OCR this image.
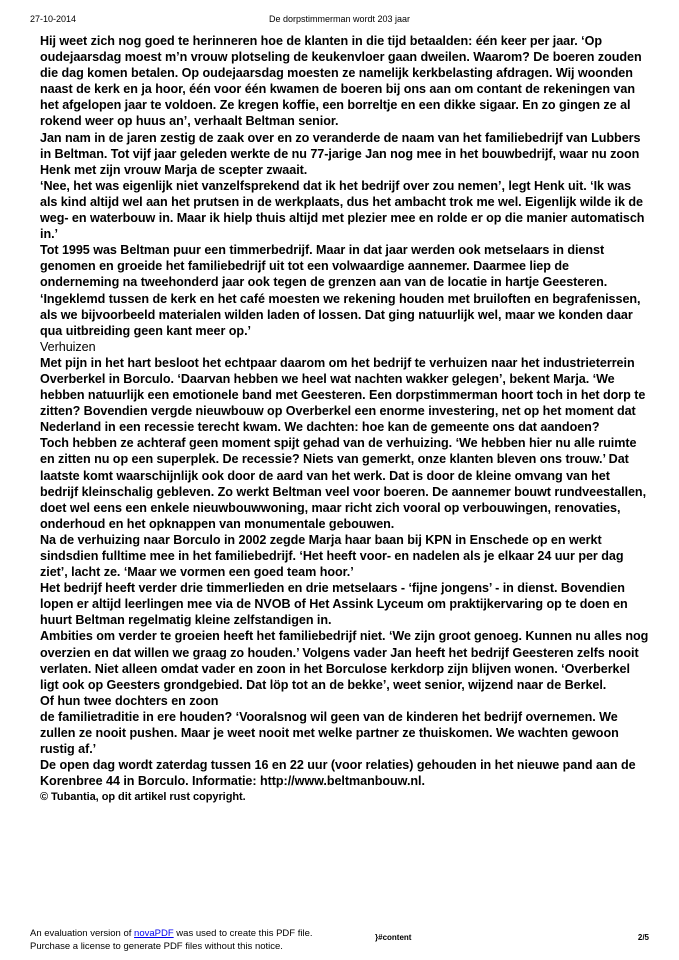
27-10-2014	De dorpstimmerman wordt 203 jaar

Hij weet zich nog goed te herinneren hoe de klanten in die tijd betaalden: één keer per jaar. ‘Op oudejaarsdag moest m’n vrouw plotseling de keukenvloer gaan dweilen. Waarom? De boeren zouden die dag komen betalen. Op oudejaarsdag moesten ze namelijk kerkbelasting afdragen. Wij woonden naast de kerk en ja hoor, één voor één kwamen de boeren bij ons aan om contant de rekeningen van het afgelopen jaar te voldoen. Ze kregen koffie, een borreltje en een dikke sigaar. En zo gingen ze al rokend weer op huus an’, verhaalt Beltman senior.

Jan nam in de jaren zestig de zaak over en zo veranderde de naam van het familiebedrijf van Lubbers in Beltman. Tot vijf jaar geleden werkte de nu 77-jarige Jan nog mee in het bouwbedrijf, waar nu zoon Henk met zijn vrouw Marja de scepter zwaait.

‘Nee, het was eigenlijk niet vanzelfsprekend dat ik het bedrijf over zou nemen’, legt Henk uit. ‘Ik was als kind altijd wel aan het prutsen in de werkplaats, dus het ambacht trok me wel. Eigenlijk wilde ik de weg- en waterbouw in. Maar ik hielp thuis altijd met plezier mee en rolde er op die manier automatisch in.’

Tot 1995 was Beltman puur een timmerbedrijf. Maar in dat jaar werden ook metselaars in dienst genomen en groeide het familiebedrijf uit tot een volwaardige aannemer. Daarmee liep de onderneming na tweehonderd jaar ook tegen de grenzen aan van de locatie in hartje Geesteren. ‘Ingeklemd tussen de kerk en het café moesten we rekening houden met bruiloften en begrafenissen, als we bijvoorbeeld materialen wilden laden of lossen. Dat ging natuurlijk wel, maar we konden daar qua uitbreiding geen kant meer op.’

Verhuizen

Met pijn in het hart besloot het echtpaar daarom om het bedrijf te verhuizen naar het industrieterrein Overberkel in Borculo. ‘Daarvan hebben we heel wat nachten wakker gelegen’, bekent Marja. ‘We hebben natuurlijk een emotionele band met Geesteren. Een dorpstimmerman hoort toch in het dorp te zitten? Bovendien vergde nieuwbouw op Overberkel een enorme investering, net op het moment dat Nederland in een recessie terecht kwam. We dachten: hoe kan de gemeente ons dat aandoen?

Toch hebben ze achteraf geen moment spijt gehad van de verhuizing. ‘We hebben hier nu alle ruimte en zitten nu op een superplek. De recessie? Niets van gemerkt, onze klanten bleven ons trouw.’ Dat laatste komt waarschijnlijk ook door de aard van het werk. Dat is door de kleine omvang van het bedrijf kleinschalig gebleven. Zo werkt Beltman veel voor boeren. De aannemer bouwt rundveestallen, doet wel eens een enkele nieuwbouwwoning, maar richt zich vooral op verbouwingen, renovaties, onderhoud en het opknappen van monumentale gebouwen.

Na de verhuizing naar Borculo in 2002 zegde Marja haar baan bij KPN in Enschede op en werkt sindsdien fulltime mee in het familiebedrijf. ‘Het heeft voor- en nadelen als je elkaar 24 uur per dag ziet’, lacht ze. ‘Maar we vormen een goed team hoor.’

Het bedrijf heeft verder drie timmerlieden en drie metselaars - ‘fijne jongens’ - in dienst. Bovendien lopen er altijd leerlingen mee via de NVOB of Het Assink Lyceum om praktijkervaring op te doen en huurt Beltman regelmatig kleine zelfstandigen in.

Ambities om verder te groeien heeft het familiebedrijf niet. ‘We zijn groot genoeg. Kunnen nu alles nog overzien en dat willen we graag zo houden.’ Volgens vader Jan heeft het bedrijf Geesteren zelfs nooit verlaten. Niet alleen omdat vader en zoon in het Borculose kerkdorp zijn blijven wonen. ‘Overberkel ligt ook op Geesters grondgebied. Dat löp tot an de bekke’, weet senior, wijzend naar de Berkel.

Of hun twee dochters en zoon

de familietraditie in ere houden? ‘Vooralsnog wil geen van de kinderen het bedrijf overnemen. We zullen ze nooit pushen. Maar je weet nooit met welke partner ze thuiskomen. We wachten gewoon rustig af.’

De open dag wordt zaterdag tussen 16 en 22 uur (voor relaties) gehouden in het nieuwe pand aan de Korenbree 44 in Borculo. Informatie: http://www.beltmanbouw.nl.

© Tubantia, op dit artikel rust copyright.

An evaluation version of novaPDF was used to create this PDF file.
Purchase a license to generate PDF files without this notice.
}#content	2/5
